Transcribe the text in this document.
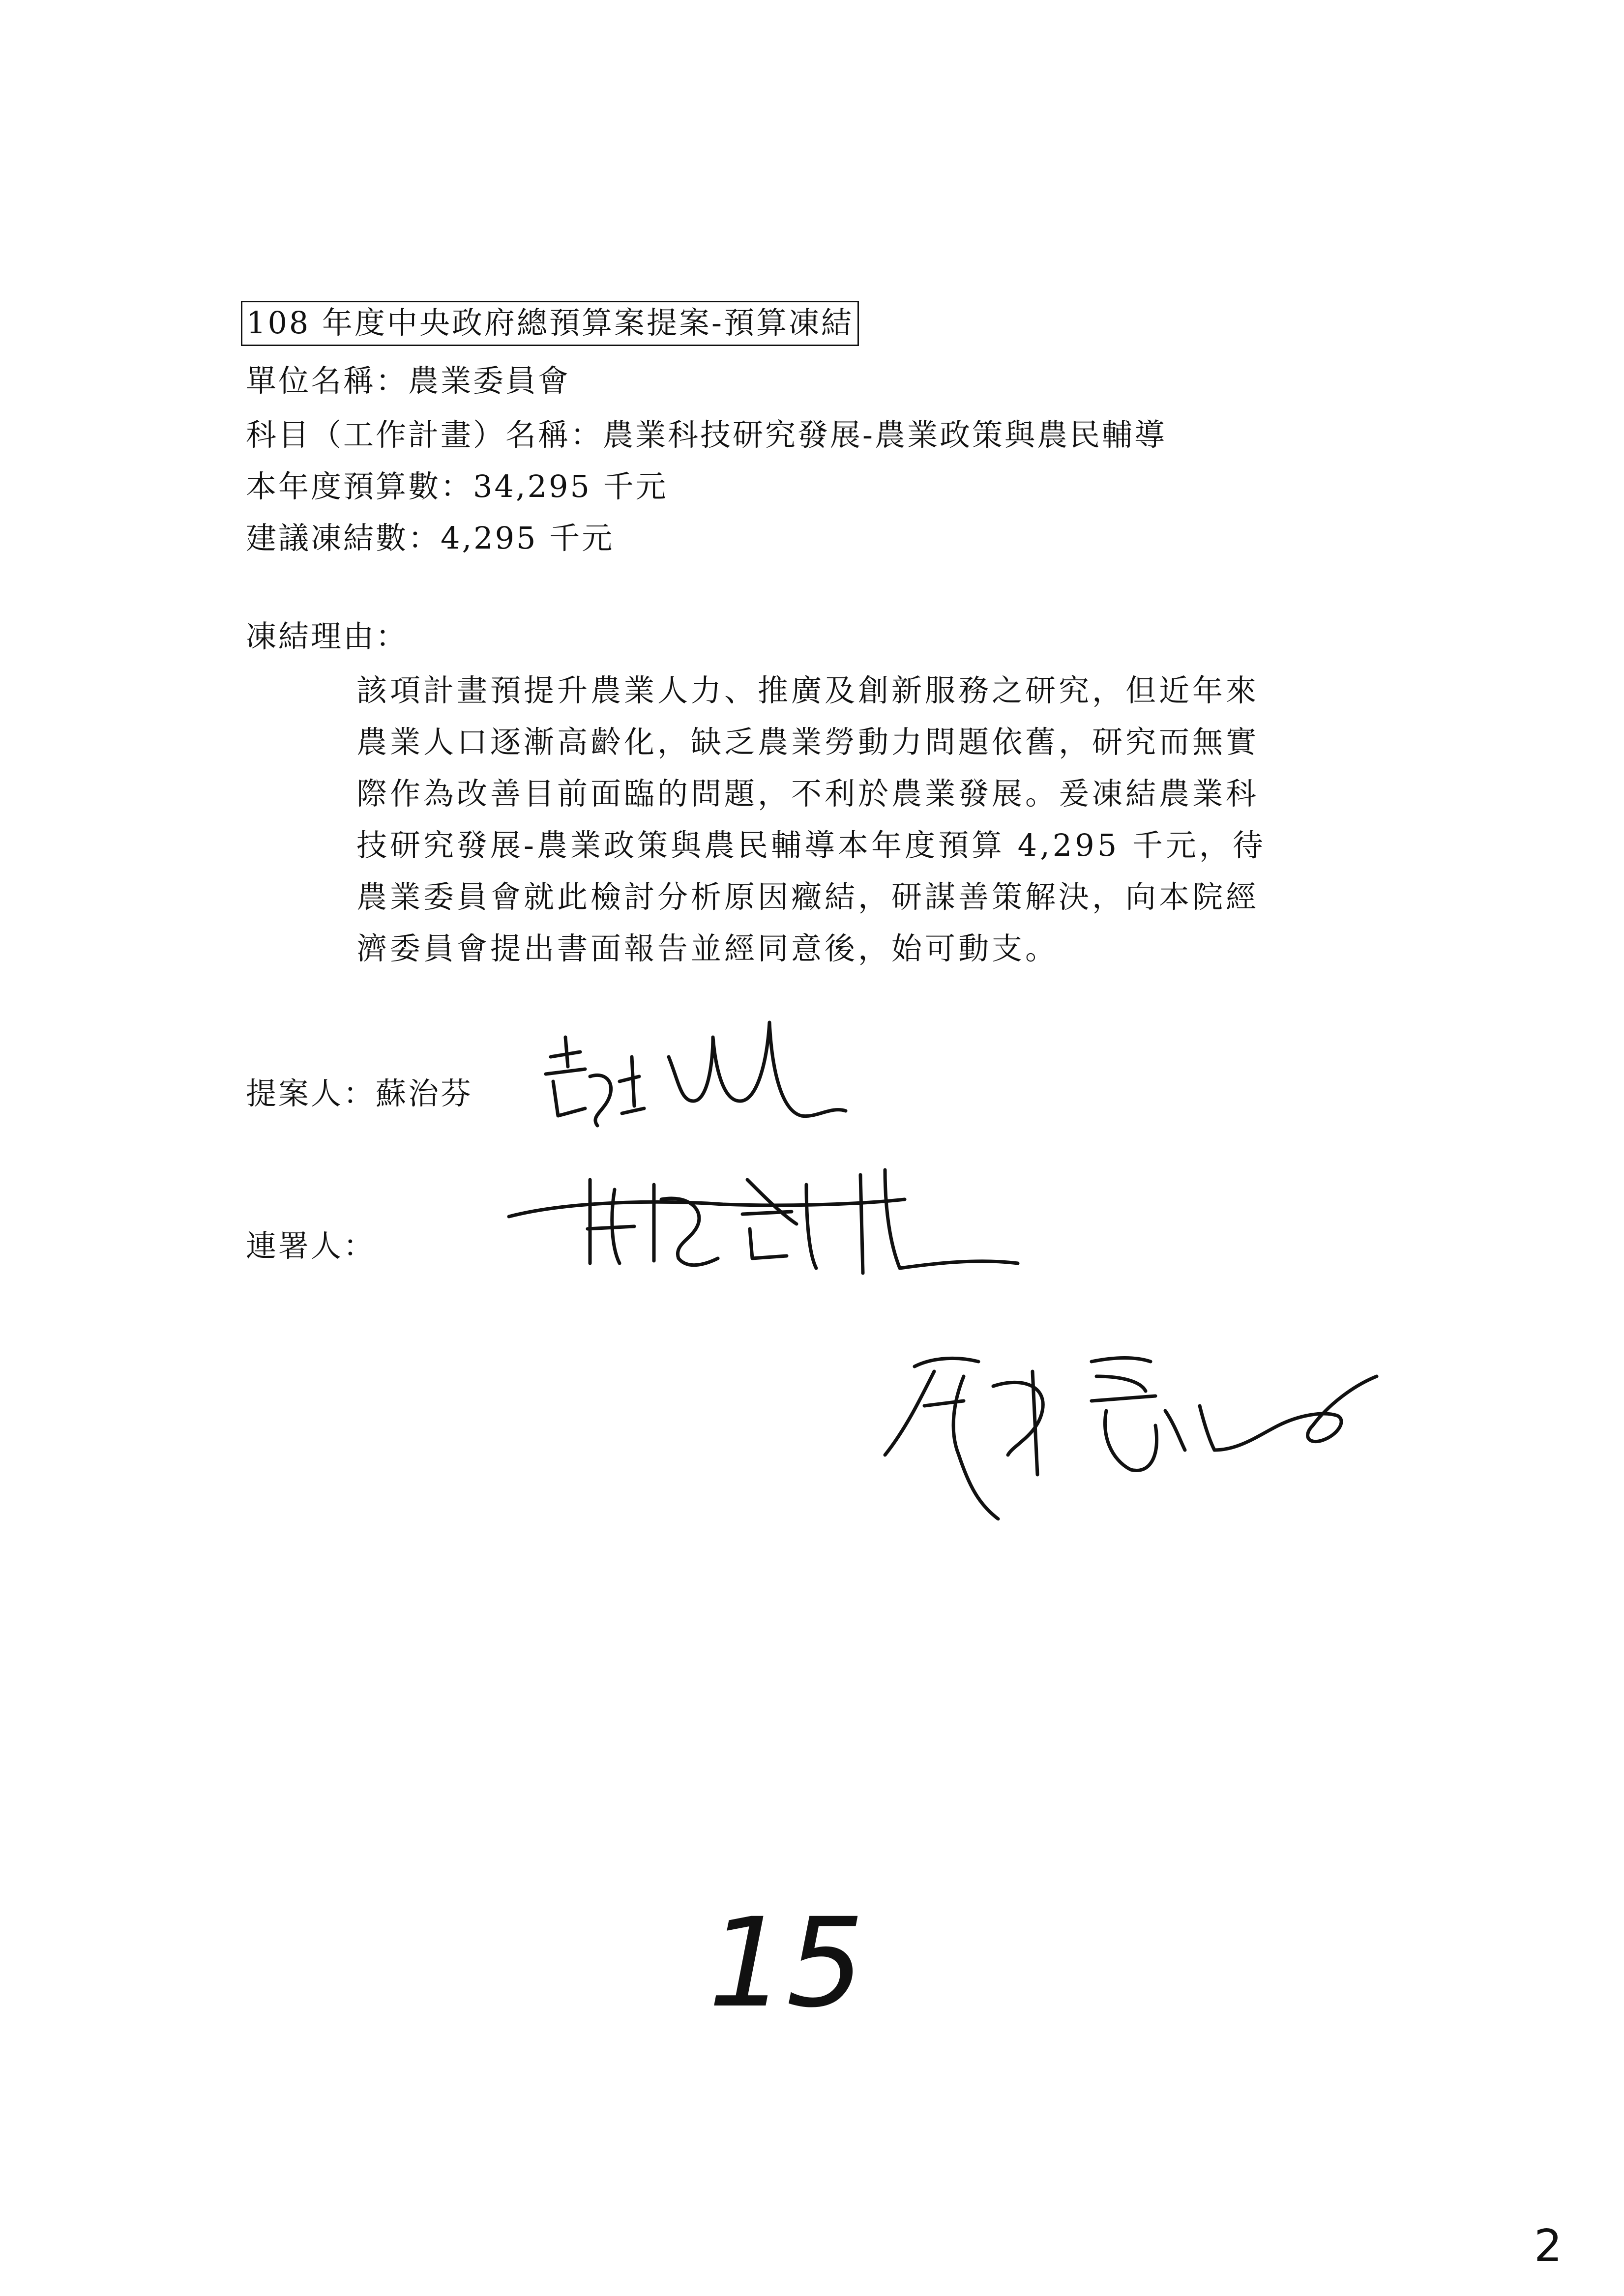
108 年度中央政府總預算案提案-預算凍結
單位名稱：農業委員會
科目（工作計畫）名稱：農業科技研究發展-農業政策與農民輔導
本年度預算數：34,295 千元
建議凍結數：4,295 千元
凍結理由：
該項計畫預提升農業人力、推廣及創新服務之研究，但近年來
農業人口逐漸高齡化，缺乏農業勞動力問題依舊，研究而無實
際作為改善目前面臨的問題，不利於農業發展。爰凍結農業科
技研究發展-農業政策與農民輔導本年度預算 4,295 千元，待
農業委員會就此檢討分析原因癥結，研謀善策解決，向本院經
濟委員會提出書面報告並經同意後，始可動支。
提案人：蘇治芬
連署人：
15
2
